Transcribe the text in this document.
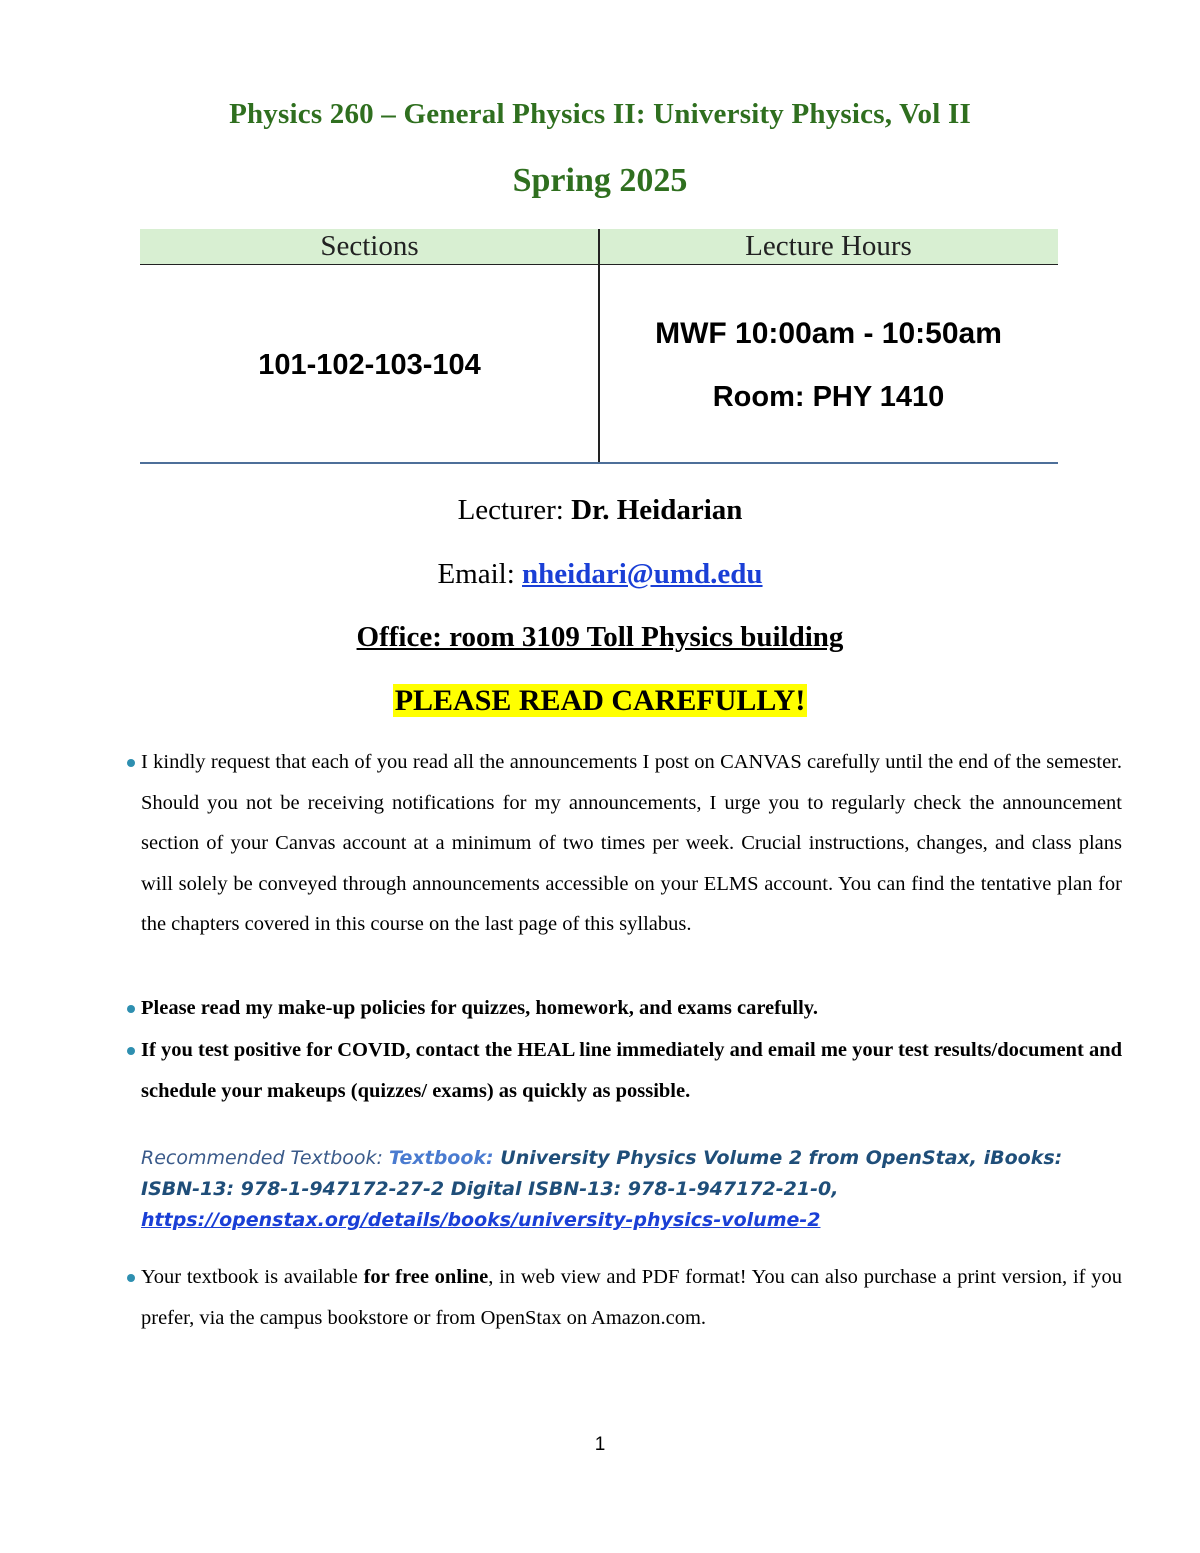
Physics 260 – General Physics II: University Physics, Vol II
Spring 2025
Sections	Lecture Hours
101-102-103-104
MWF 10:00am - 10:50am
Room: PHY 1410
Lecturer: Dr. Heidarian
Email: nheidari@umd.edu
Office: room 3109 Toll Physics building
PLEASE READ CAREFULLY!
I kindly request that each of you read all the announcements I post on CANVAS carefully until the end of the semester. Should you not be receiving notifications for my announcements, I urge you to regularly check the announcement section of your Canvas account at a minimum of two times per week. Crucial instructions, changes, and class plans will solely be conveyed through announcements accessible on your ELMS account. You can find the tentative plan for the chapters covered in this course on the last page of this syllabus.
Please read my make-up policies for quizzes, homework, and exams carefully.
If you test positive for COVID, contact the HEAL line immediately and email me your test results/document and schedule your makeups (quizzes/ exams) as quickly as possible.
Recommended Textbook: Textbook: University Physics Volume 2 from OpenStax, iBooks:
ISBN-13: 978-1-947172-27-2 Digital ISBN-13: 978-1-947172-21-0,
https://openstax.org/details/books/university-physics-volume-2
Your textbook is available for free online, in web view and PDF format! You can also purchase a print version, if you prefer, via the campus bookstore or from OpenStax on Amazon.com.
1
